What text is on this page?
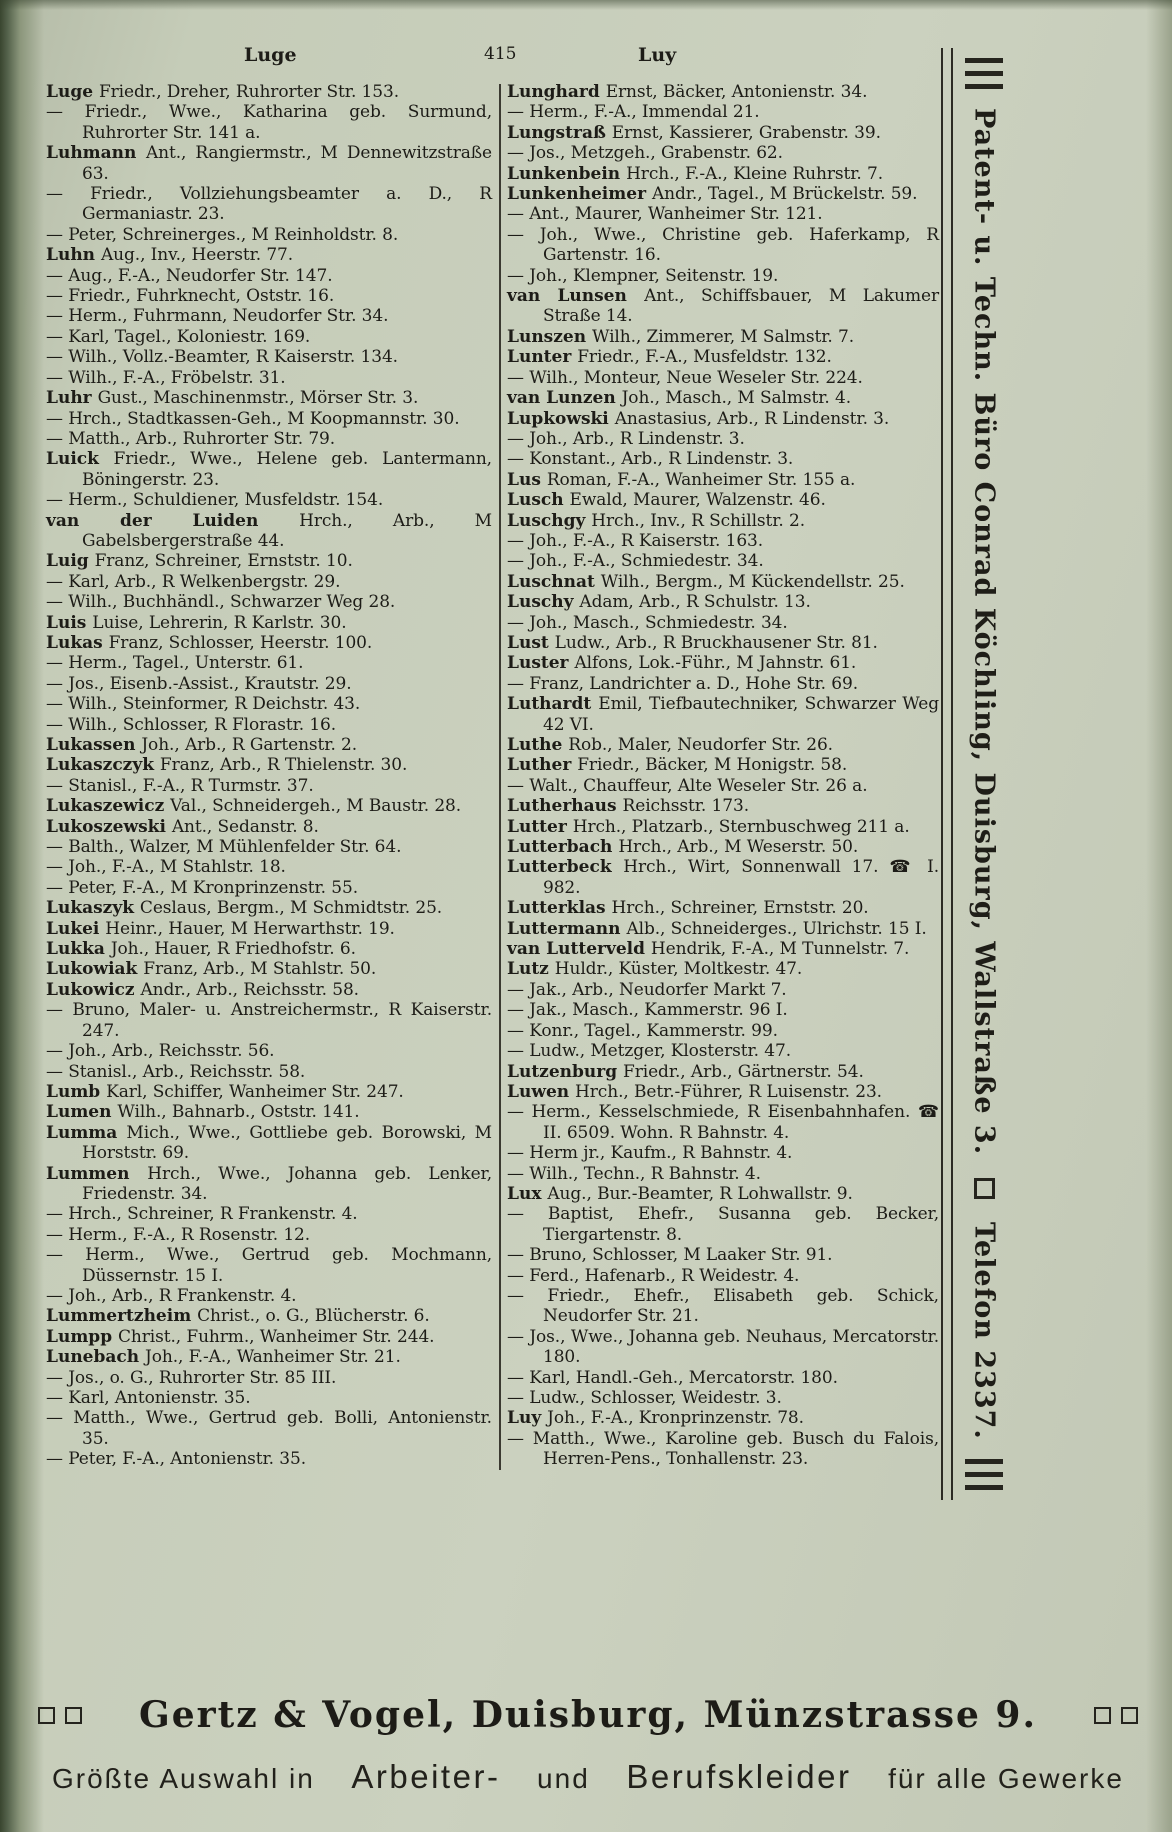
Luge	415	Luy

Luge Friedr., Dreher, Ruhrorter Str. 153.

— Friedr., Wwe., Katharina geb. Surmund, Ruhrorter Str. 141 a.

Luhmann Ant., Rangiermstr., M Dennewitzstraße 63.

— Friedr., Vollziehungsbeamter a. D., R Germaniastr. 23.

— Peter, Schreinerges., M Reinholdstr. 8.

Luhn Aug., Inv., Heerstr. 77.

— Aug., F.-A., Neudorfer Str. 147.

— Friedr., Fuhrknecht, Oststr. 16.

— Herm., Fuhrmann, Neudorfer Str. 34.

— Karl, Tagel., Koloniestr. 169.

— Wilh., Vollz.-Beamter, R Kaiserstr. 134.

— Wilh., F.-A., Fröbelstr. 31.

Luhr Gust., Maschinenmstr., Mörser Str. 3.

— Hrch., Stadtkassen-Geh., M Koopmannstr. 30.

— Matth., Arb., Ruhrorter Str. 79.

Luick Friedr., Wwe., Helene geb. Lantermann, Böningerstr. 23.

— Herm., Schuldiener, Musfeldstr. 154.

van der Luiden Hrch., Arb., M Gabelsbergerstraße 44.

Luig Franz, Schreiner, Ernststr. 10.

— Karl, Arb., R Welkenbergstr. 29.

— Wilh., Buchhändl., Schwarzer Weg 28.

Luis Luise, Lehrerin, R Karlstr. 30.

Lukas Franz, Schlosser, Heerstr. 100.

— Herm., Tagel., Unterstr. 61.

— Jos., Eisenb.-Assist., Krautstr. 29.

— Wilh., Steinformer, R Deichstr. 43.

— Wilh., Schlosser, R Florastr. 16.

Lukassen Joh., Arb., R Gartenstr. 2.

Lukaszczyk Franz, Arb., R Thielenstr. 30.

— Stanisl., F.-A., R Turmstr. 37.

Lukaszewicz Val., Schneidergeh., M Baustr. 28.

Lukoszewski Ant., Sedanstr. 8.

— Balth., Walzer, M Mühlenfelder Str. 64.

— Joh., F.-A., M Stahlstr. 18.

— Peter, F.-A., M Kronprinzenstr. 55.

Lukaszyk Ceslaus, Bergm., M Schmidtstr. 25.

Lukei Heinr., Hauer, M Herwarthstr. 19.

Lukka Joh., Hauer, R Friedhofstr. 6.

Lukowiak Franz, Arb., M Stahlstr. 50.

Lukowicz Andr., Arb., Reichsstr. 58.

— Bruno, Maler- u. Anstreichermstr., R Kaiserstr. 247.

— Joh., Arb., Reichsstr. 56.

— Stanisl., Arb., Reichsstr. 58.

Lumb Karl, Schiffer, Wanheimer Str. 247.

Lumen Wilh., Bahnarb., Oststr. 141.

Lumma Mich., Wwe., Gottliebe geb. Borowski, M Horststr. 69.

Lummen Hrch., Wwe., Johanna geb. Lenker, Friedenstr. 34.

— Hrch., Schreiner, R Frankenstr. 4.

— Herm., F.-A., R Rosenstr. 12.

— Herm., Wwe., Gertrud geb. Mochmann, Düssernstr. 15 I.

— Joh., Arb., R Frankenstr. 4.

Lummertzheim Christ., o. G., Blücherstr. 6.

Lumpp Christ., Fuhrm., Wanheimer Str. 244.

Lunebach Joh., F.-A., Wanheimer Str. 21.

— Jos., o. G., Ruhrorter Str. 85 III.

— Karl, Antonienstr. 35.

— Matth., Wwe., Gertrud geb. Bolli, Antonienstr. 35.

— Peter, F.-A., Antonienstr. 35.

Lunghard Ernst, Bäcker, Antonienstr. 34.

— Herm., F.-A., Immendal 21.

Lungstraß Ernst, Kassierer, Grabenstr. 39.

— Jos., Metzgeh., Grabenstr. 62.

Lunkenbein Hrch., F.-A., Kleine Ruhrstr. 7.

Lunkenheimer Andr., Tagel., M Brückelstr. 59.

— Ant., Maurer, Wanheimer Str. 121.

— Joh., Wwe., Christine geb. Haferkamp, R Gartenstr. 16.

— Joh., Klempner, Seitenstr. 19.

van Lunsen Ant., Schiffsbauer, M Lakumer Straße 14.

Lunszen Wilh., Zimmerer, M Salmstr. 7.

Lunter Friedr., F.-A., Musfeldstr. 132.

— Wilh., Monteur, Neue Weseler Str. 224.

van Lunzen Joh., Masch., M Salmstr. 4.

Lupkowski Anastasius, Arb., R Lindenstr. 3.

— Joh., Arb., R Lindenstr. 3.

— Konstant., Arb., R Lindenstr. 3.

Lus Roman, F.-A., Wanheimer Str. 155 a.

Lusch Ewald, Maurer, Walzenstr. 46.

Luschgy Hrch., Inv., R Schillstr. 2.

— Joh., F.-A., R Kaiserstr. 163.

— Joh., F.-A., Schmiedestr. 34.

Luschnat Wilh., Bergm., M Kückendellstr. 25.

Luschy Adam, Arb., R Schulstr. 13.

— Joh., Masch., Schmiedestr. 34.

Lust Ludw., Arb., R Bruckhausener Str. 81.

Luster Alfons, Lok.-Führ., M Jahnstr. 61.

— Franz, Landrichter a. D., Hohe Str. 69.

Luthardt Emil, Tiefbautechniker, Schwarzer Weg 42 VI.

Luthe Rob., Maler, Neudorfer Str. 26.

Luther Friedr., Bäcker, M Honigstr. 58.

— Walt., Chauffeur, Alte Weseler Str. 26 a.

Lutherhaus Reichsstr. 173.

Lutter Hrch., Platzarb., Sternbuschweg 211 a.

Lutterbach Hrch., Arb., M Weserstr. 50.

Lutterbeck Hrch., Wirt, Sonnenwall 17. ☎ I. 982.

Lutterklas Hrch., Schreiner, Ernststr. 20.

Luttermann Alb., Schneiderges., Ulrichstr. 15 I.

van Lutterveld Hendrik, F.-A., M Tunnelstr. 7.

Lutz Huldr., Küster, Moltkestr. 47.

— Jak., Arb., Neudorfer Markt 7.

— Jak., Masch., Kammerstr. 96 I.

— Konr., Tagel., Kammerstr. 99.

— Ludw., Metzger, Klosterstr. 47.

Lutzenburg Friedr., Arb., Gärtnerstr. 54.

Luwen Hrch., Betr.-Führer, R Luisenstr. 23.

— Herm., Kesselschmiede, R Eisenbahnhafen. ☎ II. 6509. Wohn. R Bahnstr. 4.

— Herm jr., Kaufm., R Bahnstr. 4.

— Wilh., Techn., R Bahnstr. 4.

Lux Aug., Bur.-Beamter, R Lohwallstr. 9.

— Baptist, Ehefr., Susanna geb. Becker, Tiergartenstr. 8.

— Bruno, Schlosser, M Laaker Str. 91.

— Ferd., Hafenarb., R Weidestr. 4.

— Friedr., Ehefr., Elisabeth geb. Schick, Neudorfer Str. 21.

— Jos., Wwe., Johanna geb. Neuhaus, Mercatorstr. 180.

— Karl, Handl.-Geh., Mercatorstr. 180.

— Ludw., Schlosser, Weidestr. 3.

Luy Joh., F.-A., Kronprinzenstr. 78.

— Matth., Wwe., Karoline geb. Busch du Falois, Herren-Pens., Tonhallenstr. 23.

Patent- u. Techn. Büro Conrad Köchling, Duisburg, Wallstraße 3.
Telefon 2337.
Gertz & Vogel, Duisburg, Münzstrasse 9.
Größte Auswahl in Arbeiter- und Berufskleider für alle Gewerke
